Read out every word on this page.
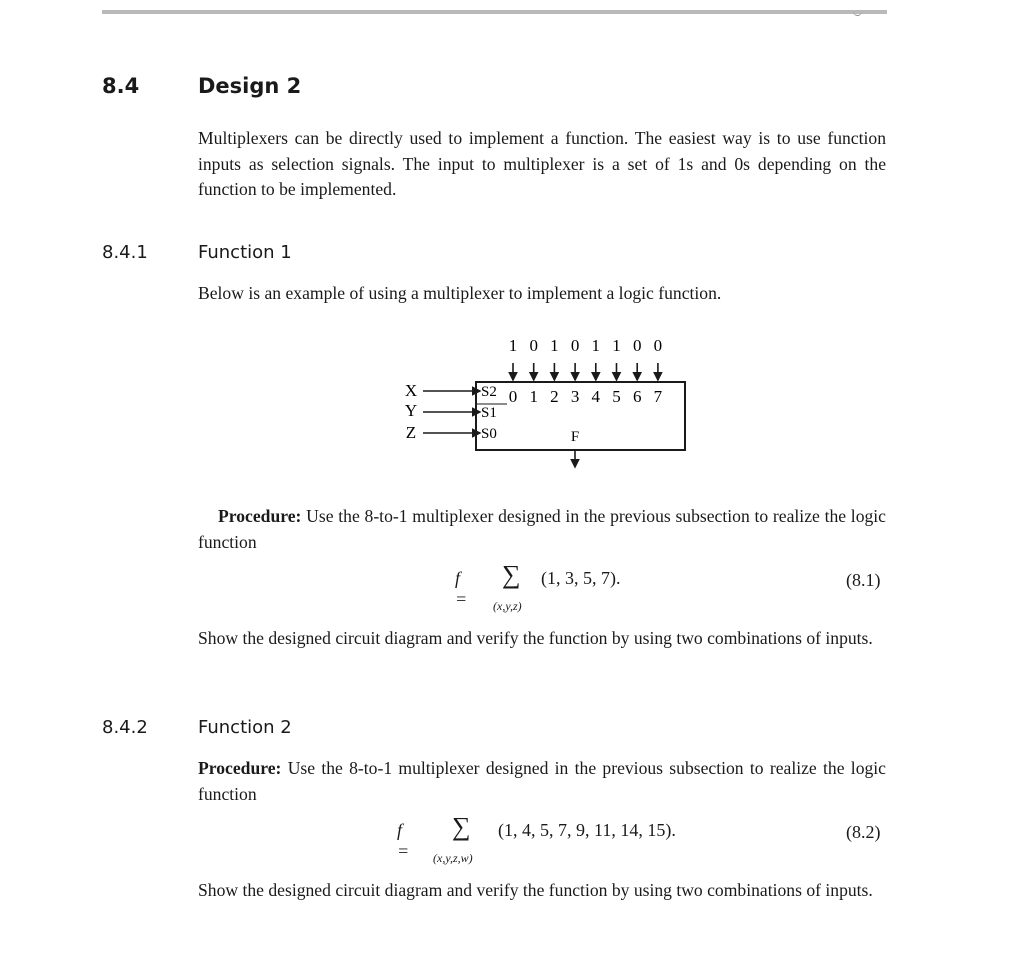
8.4	Design 2
Multiplexers can be directly used to implement a function. The easiest way is to use function inputs as selection signals. The input to multiplexer is a set of 1s and 0s depending on the function to be implemented.
8.4.1	Function 1
Below is an example of using a multiplexer to implement a logic function.
1 0 1 0 1 1 0 0
0 1 2 3 4 5 6 7
X
Y
Z
S2
S1
S0	F
Procedure: Use the 8-to-1 multiplexer designed in the previous subsection to realize the logic function
f =
∑
(x,y,z)
(1, 3, 5, 7).	(8.1)
Show the designed circuit diagram and verify the function by using two combinations of inputs.
8.4.2	Function 2
Procedure: Use the 8-to-1 multiplexer designed in the previous subsection to realize the logic function
f =
∑
(x,y,z,w)
(1, 4, 5, 7, 9, 11, 14, 15).	(8.2)
Show the designed circuit diagram and verify the function by using two combinations of inputs.
